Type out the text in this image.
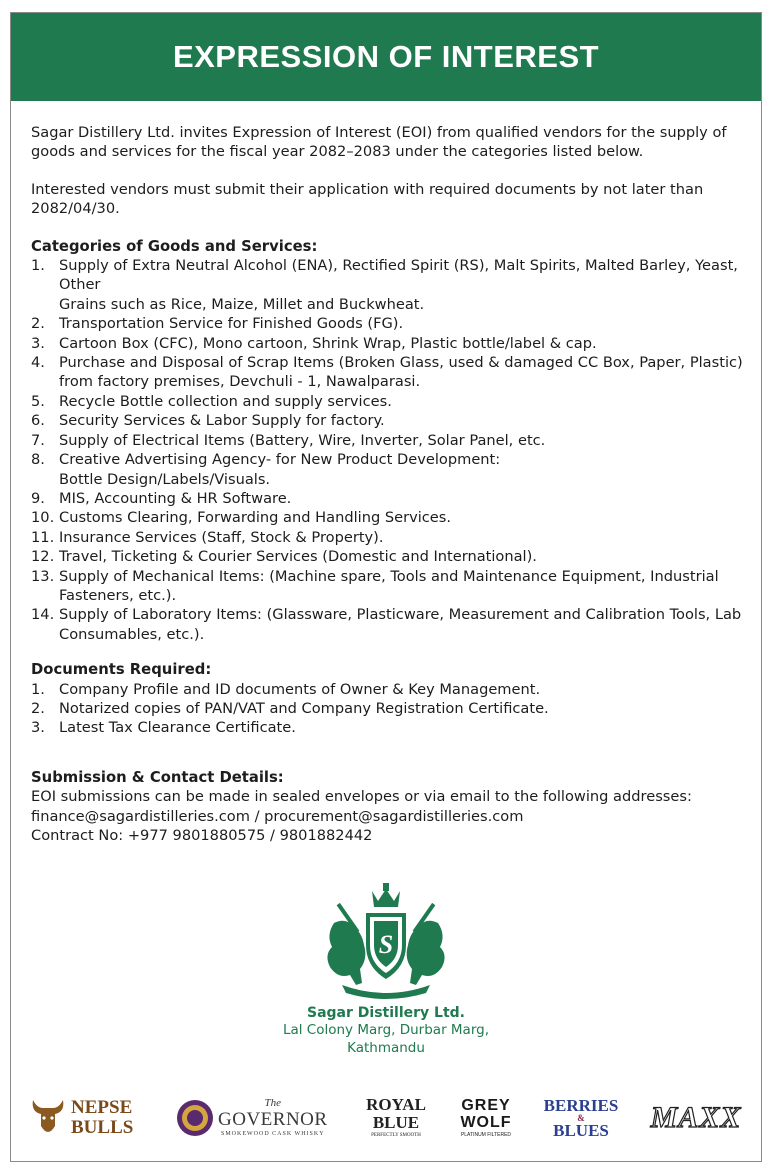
EXPRESSION OF INTEREST

Sagar Distillery Ltd. invites Expression of Interest (EOI) from qualified vendors for the supply of goods and services for the fiscal year 2082–2083 under the categories listed below.

Interested vendors must submit their application with required documents by not later than 2082/04/30.

Categories of Goods and Services:

1. Supply of Extra Neutral Alcohol (ENA), Rectified Spirit (RS), Malt Spirits, Malted Barley, Yeast, Other
Grains such as Rice, Maize, Millet and Buckwheat.
2. Transportation Service for Finished Goods (FG).
3. Cartoon Box (CFC), Mono cartoon, Shrink Wrap, Plastic bottle/label & cap.
4. Purchase and Disposal of Scrap Items (Broken Glass, used & damaged CC Box, Paper, Plastic) from factory premises, Devchuli - 1, Nawalparasi.
5. Recycle Bottle collection and supply services.
6. Security Services & Labor Supply for factory.
7. Supply of Electrical Items (Battery, Wire, Inverter, Solar Panel, etc.
8. Creative Advertising Agency- for New Product Development:
Bottle Design/Labels/Visuals.
9. MIS, Accounting & HR Software.
10. Customs Clearing, Forwarding and Handling Services.
11. Insurance Services (Staff, Stock & Property).
12. Travel, Ticketing & Courier Services (Domestic and International).
13. Supply of Mechanical Items: (Machine spare, Tools and Maintenance Equipment, Industrial Fasteners, etc.).
14. Supply of Laboratory Items: (Glassware, Plasticware, Measurement and Calibration Tools, Lab Consumables, etc.).

Documents Required:

1. Company Profile and ID documents of Owner & Key Management.
2. Notarized copies of PAN/VAT and Company Registration Certificate.
3. Latest Tax Clearance Certificate.

Submission & Contact Details:

EOI submissions can be made in sealed envelopes or via email to the following addresses:

finance@sagardistilleries.com / procurement@sagardistilleries.com

Contract No: +977 9801880575 / 9801882442

S
Sagar Distillery Ltd.
Lal Colony Marg, Durbar Marg,
Kathmandu
NEPSE
BULLS
The
GOVERNOR
SMOKEWOOD CASK WHISKY
ROYAL
BLUE
PERFECTLY SMOOTH
GREY
WOLF
PLATINUM FILTERED
BERRIES
&
BLUES	MAXX
